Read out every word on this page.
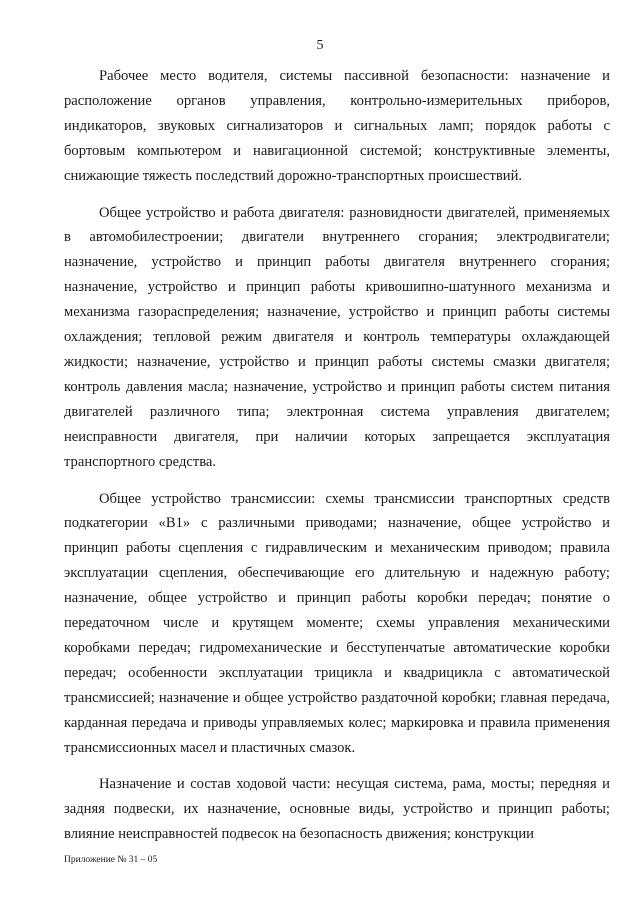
5

Рабочее место водителя, системы пассивной безопасности: назначение и расположение органов управления, контрольно-измерительных приборов, индикаторов, звуковых сигнализаторов и сигнальных ламп; порядок работы с бортовым компьютером и навигационной системой; конструктивные элементы, снижающие тяжесть последствий дорожно-транспортных происшествий.

Общее устройство и работа двигателя: разновидности двигателей, применяемых в автомобилестроении; двигатели внутреннего сгорания; электродвигатели; назначение, устройство и принцип работы двигателя внутреннего сгорания; назначение, устройство и принцип работы кривошипно-шатунного механизма и механизма газораспределения; назначение, устройство и принцип работы системы охлаждения; тепловой режим двигателя и контроль температуры охлаждающей жидкости; назначение, устройство и принцип работы системы смазки двигателя; контроль давления масла; назначение, устройство и принцип работы систем питания двигателей различного типа; электронная система управления двигателем; неисправности двигателя, при наличии которых запрещается эксплуатация транспортного средства.

Общее устройство трансмиссии: схемы трансмиссии транспортных средств подкатегории «B1» с различными приводами; назначение, общее устройство и принцип работы сцепления с гидравлическим и механическим приводом; правила эксплуатации сцепления, обеспечивающие его длительную и надежную работу; назначение, общее устройство и принцип работы коробки передач; понятие о передаточном числе и крутящем моменте; схемы управления механическими коробками передач; гидромеханические и бесступенчатые автоматические коробки передач; особенности эксплуатации трицикла и квадрицикла с автоматической трансмиссией; назначение и общее устройство раздаточной коробки; главная передача, карданная передача и приводы управляемых колес; маркировка и правила применения трансмиссионных масел и пластичных смазок.

Назначение и состав ходовой части: несущая система, рама, мосты; передняя и задняя подвески, их назначение, основные виды, устройство и принцип работы; влияние неисправностей подвесок на безопасность движения; конструкции

Приложение № 31 – 05
